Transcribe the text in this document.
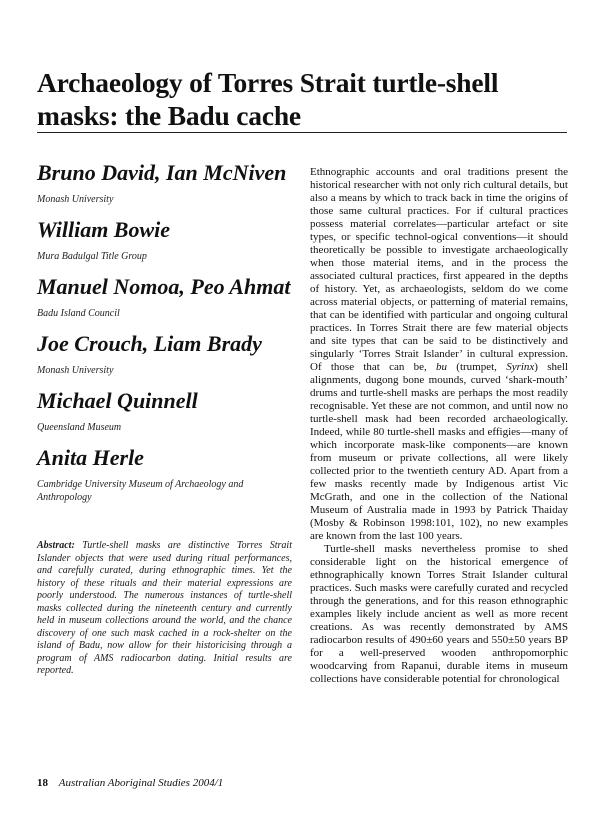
Archaeology of Torres Strait turtle-shell masks: the Badu cache
Bruno David, Ian McNiven
Monash University
William Bowie
Mura Badulgal Title Group
Manuel Nomoa, Peo Ahmat
Badu Island Council
Joe Crouch, Liam Brady
Monash University
Michael Quinnell
Queensland Museum
Anita Herle
Cambridge University Museum of Archaeology and Anthropology

Abstract: Turtle-shell masks are distinctive Torres Strait Islander objects that were used during ritual performances, and carefully curated, during ethnographic times. Yet the history of these rituals and their material expressions are poorly understood. The numerous instances of turtle-shell masks collected during the nineteenth century and currently held in museum collections around the world, and the chance discovery of one such mask cached in a rock-shelter on the island of Badu, now allow for their historicising through a program of AMS radiocarbon dating. Initial results are reported.

Ethnographic accounts and oral traditions present the historical researcher with not only rich cultural details, but also a means by which to track back in time the origins of those same cultural practices. For if cultural practices possess material correlates—particular artefact or site types, or specific technol-ogical conventions—it should theoretically be possible to investigate archaeologically when those material items, and in the process the associated cultural practices, first appeared in the depths of history. Yet, as archaeologists, seldom do we come across material objects, or patterning of material remains, that can be identified with particular and ongoing cultural practices. In Torres Strait there are few material objects and site types that can be said to be distinctively and singularly ‘Torres Strait Islander’ in cultural expression. Of those that can be, bu (trumpet, Syrinx) shell alignments, dugong bone mounds, curved ‘shark-mouth’ drums and turtle-shell masks are perhaps the most readily recognisable. Yet these are not common, and until now no turtle-shell mask had been recorded archaeologically. Indeed, while 80 turtle-shell masks and effigies—many of which incorporate mask-like components—are known from museum or private collections, all were likely collected prior to the twentieth century AD. Apart from a few masks recently made by Indigenous artist Vic McGrath, and one in the collection of the National Museum of Australia made in 1993 by Patrick Thaiday (Mosby & Robinson 1998:101, 102), no new examples are known from the last 100 years.

Turtle-shell masks nevertheless promise to shed considerable light on the historical emergence of ethnographically known Torres Strait Islander cultural practices. Such masks were carefully curated and recycled through the generations, and for this reason ethnographic examples likely include ancient as well as more recent creations. As was recently demonstrated by AMS radiocarbon results of 490±60 years and 550±50 years BP for a well-preserved wooden anthropomorphic woodcarving from Rapanui, durable items in museum collections have considerable potential for chronological

18 Australian Aboriginal Studies 2004/1
